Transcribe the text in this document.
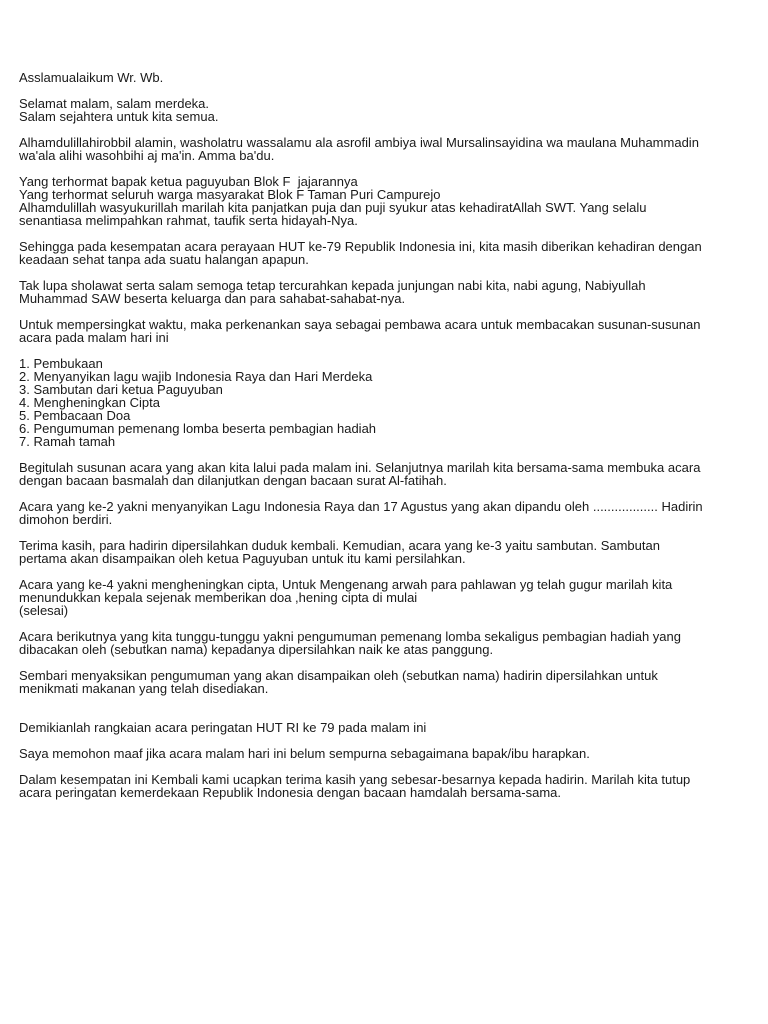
Asslamualaikum Wr. Wb.
Selamat malam, salam merdeka.
Salam sejahtera untuk kita semua.
Alhamdulillahirobbil alamin, washolatru wassalamu ala asrofil ambiya iwal Mursalinsayidina wa maulana Muhammadin
wa'ala alihi wasohbihi aj ma'in. Amma ba'du.
Yang terhormat bapak ketua paguyuban Blok F  jajarannya
Yang terhormat seluruh warga masyarakat Blok F Taman Puri Campurejo
Alhamdulillah wasyukurillah marilah kita panjatkan puja dan puji syukur atas kehadiratAllah SWT. Yang selalu
senantiasa melimpahkan rahmat, taufik serta hidayah-Nya.
Sehingga pada kesempatan acara perayaan HUT ke-79 Republik Indonesia ini, kita masih diberikan kehadiran dengan
keadaan sehat tanpa ada suatu halangan apapun.
Tak lupa sholawat serta salam semoga tetap tercurahkan kepada junjungan nabi kita, nabi agung, Nabiyullah
Muhammad SAW beserta keluarga dan para sahabat-sahabat-nya.
Untuk mempersingkat waktu, maka perkenankan saya sebagai pembawa acara untuk membacakan susunan-susunan
acara pada malam hari ini
1. Pembukaan
2. Menyanyikan lagu wajib Indonesia Raya dan Hari Merdeka
3. Sambutan dari ketua Paguyuban
4. Mengheningkan Cipta
5. Pembacaan Doa
6. Pengumuman pemenang lomba beserta pembagian hadiah
7. Ramah tamah
Begitulah susunan acara yang akan kita lalui pada malam ini. Selanjutnya marilah kita bersama-sama membuka acara
dengan bacaan basmalah dan dilanjutkan dengan bacaan surat Al-fatihah.
Acara yang ke-2 yakni menyanyikan Lagu Indonesia Raya dan 17 Agustus yang akan dipandu oleh .................. Hadirin
dimohon berdiri.
Terima kasih, para hadirin dipersilahkan duduk kembali. Kemudian, acara yang ke-3 yaitu sambutan. Sambutan
pertama akan disampaikan oleh ketua Paguyuban untuk itu kami persilahkan.
Acara yang ke-4 yakni mengheningkan cipta, Untuk Mengenang arwah para pahlawan yg telah gugur marilah kita
menundukkan kepala sejenak memberikan doa ,hening cipta di mulai
(selesai)
Acara berikutnya yang kita tunggu-tunggu yakni pengumuman pemenang lomba sekaligus pembagian hadiah yang
dibacakan oleh (sebutkan nama) kepadanya dipersilahkan naik ke atas panggung.
Sembari menyaksikan pengumuman yang akan disampaikan oleh (sebutkan nama) hadirin dipersilahkan untuk
menikmati makanan yang telah disediakan.
Demikianlah rangkaian acara peringatan HUT RI ke 79 pada malam ini
Saya memohon maaf jika acara malam hari ini belum sempurna sebagaimana bapak/ibu harapkan.
Dalam kesempatan ini Kembali kami ucapkan terima kasih yang sebesar-besarnya kepada hadirin. Marilah kita tutup
acara peringatan kemerdekaan Republik Indonesia dengan bacaan hamdalah bersama-sama.
